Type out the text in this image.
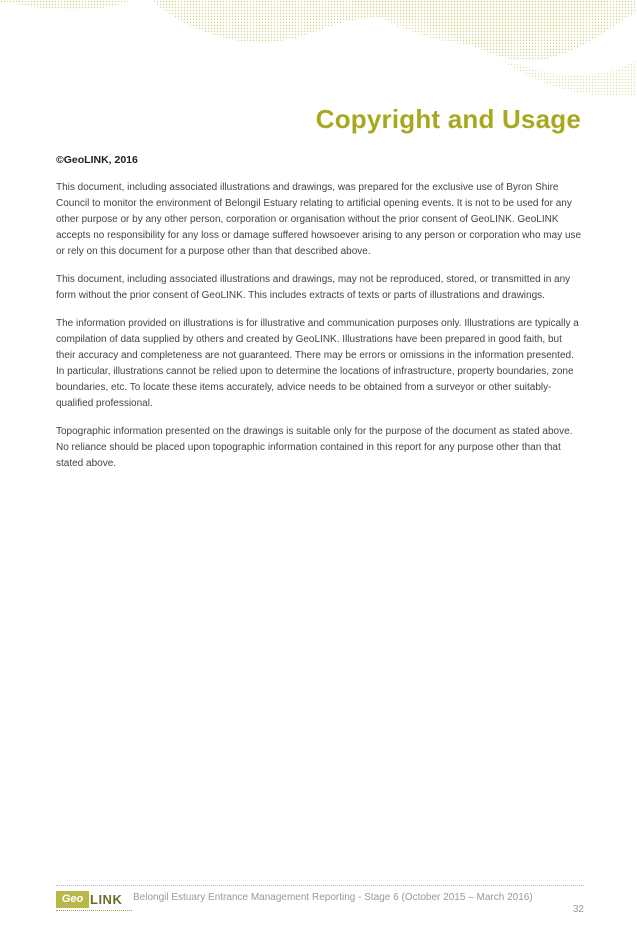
Copyright and Usage

©GeoLINK, 2016

This document, including associated illustrations and drawings, was prepared for the exclusive use of Byron Shire Council to monitor the environment of Belongil Estuary relating to artificial opening events. It is not to be used for any other purpose or by any other person, corporation or organisation without the prior consent of GeoLINK. GeoLINK accepts no responsibility for any loss or damage suffered howsoever arising to any person or corporation who may use or rely on this document for a purpose other than that described above.

This document, including associated illustrations and drawings, may not be reproduced, stored, or transmitted in any form without the prior consent of GeoLINK. This includes extracts of texts or parts of illustrations and drawings.

The information provided on illustrations is for illustrative and communication purposes only. Illustrations are typically a compilation of data supplied by others and created by GeoLINK. Illustrations have been prepared in good faith, but their accuracy and completeness are not guaranteed. There may be errors or omissions in the information presented. In particular, illustrations cannot be relied upon to determine the locations of infrastructure, property boundaries, zone boundaries, etc. To locate these items accurately, advice needs to be obtained from a surveyor or other suitably-qualified professional.

Topographic information presented on the drawings is suitable only for the purpose of the document as stated above. No reliance should be placed upon topographic information contained in this report for any purpose other than that stated above.

Geo LINK Belongil Estuary Entrance Management Reporting - Stage 6 (October 2015 – March 2016)
32
